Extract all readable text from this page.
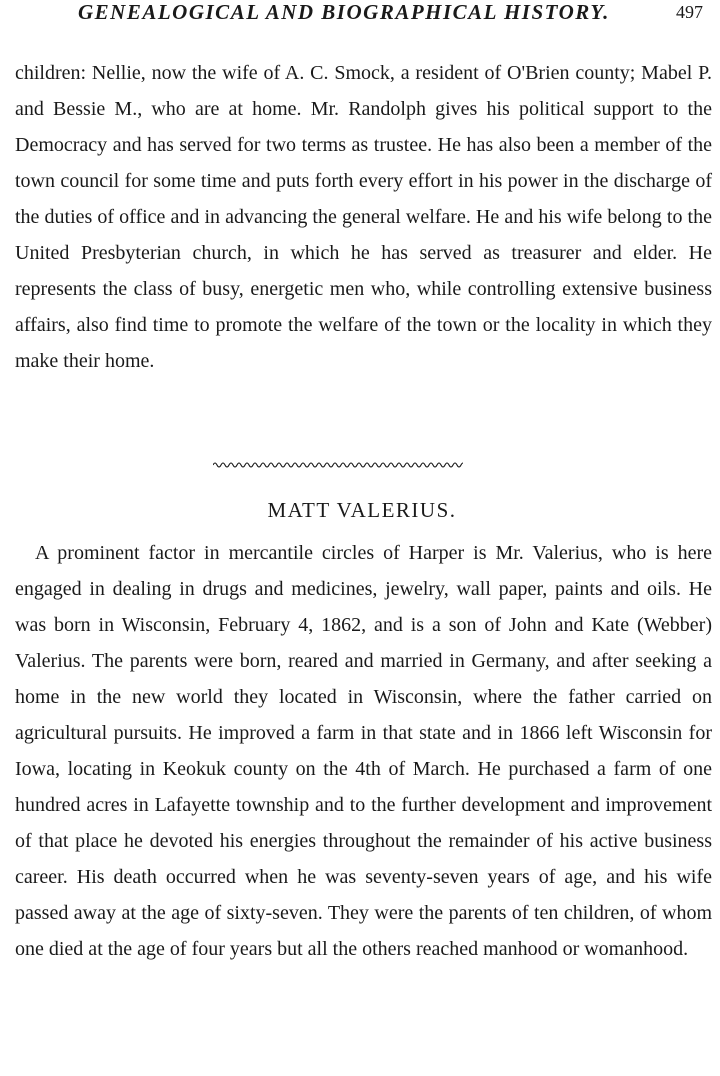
GENEALOGICAL AND BIOGRAPHICAL HISTORY.	497

children: Nellie, now the wife of A. C. Smock, a resident of O'Brien county; Mabel P. and Bessie M., who are at home. Mr. Randolph gives his political support to the Democracy and has served for two terms as trustee. He has also been a member of the town council for some time and puts forth every effort in his power in the discharge of the duties of office and in advancing the general welfare. He and his wife belong to the United Presbyterian church, in which he has served as treasurer and elder. He represents the class of busy, energetic men who, while controlling extensive business affairs, also find time to promote the welfare of the town or the locality in which they make their home.

MATT VALERIUS.

A prominent factor in mercantile circles of Harper is Mr. Valerius, who is here engaged in dealing in drugs and medicines, jewelry, wall paper, paints and oils. He was born in Wisconsin, February 4, 1862, and is a son of John and Kate (Webber) Valerius. The parents were born, reared and married in Germany, and after seeking a home in the new world they located in Wisconsin, where the father carried on agricultural pursuits. He improved a farm in that state and in 1866 left Wisconsin for Iowa, locating in Keokuk county on the 4th of March. He purchased a farm of one hundred acres in Lafayette township and to the further development and improvement of that place he devoted his energies throughout the remainder of his active business career. His death occurred when he was seventy-seven years of age, and his wife passed away at the age of sixty-seven. They were the parents of ten children, of whom one died at the age of four years but all the others reached manhood or womanhood.
